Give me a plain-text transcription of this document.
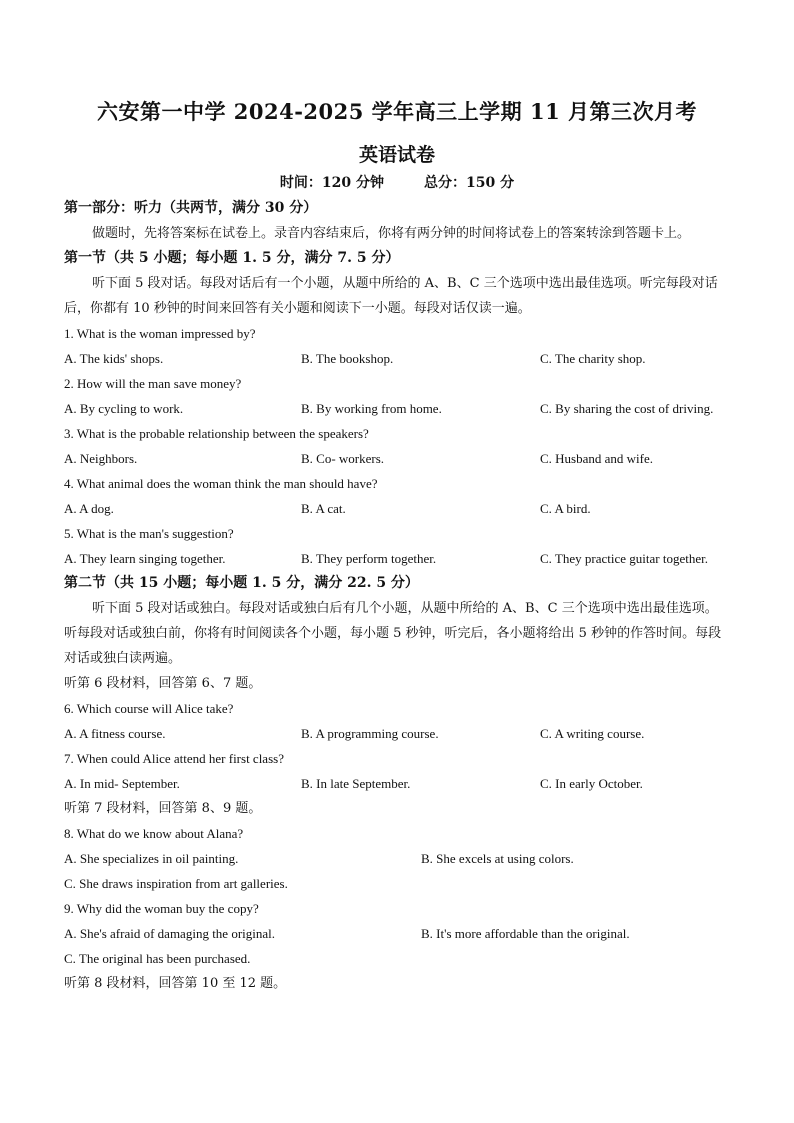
六安第一中学 2024-2025 学年高三上学期 11 月第三次月考
英语试卷
时间：120 分钟	总分：150 分
第一部分：听力（共两节，满分 30 分）
做题时，先将答案标在试卷上。录音内容结束后，你将有两分钟的时间将试卷上的答案转涂到答题卡上。
第一节（共 5 小题；每小题 1. 5 分，满分 7. 5 分）
听下面 5 段对话。每段对话后有一个小题，从题中所给的 A、B、C 三个选项中选出最佳选项。听完每段对话后，你都有 10 秒钟的时间来回答有关小题和阅读下一小题。每段对话仅读一遍。
1. What is the woman impressed by?
A. The kids' shops.	B. The bookshop.	C. The charity shop.
2. How will the man save money?
A. By cycling to work.	B. By working from home.	C. By sharing the cost of driving.
3. What is the probable relationship between the speakers?
A. Neighbors.	B. Co- workers.	C. Husband and wife.
4. What animal does the woman think the man should have?
A. A dog.	B. A cat.	C. A bird.
5. What is the man's suggestion?
A. They learn singing together.	B. They perform together.	C. They practice guitar together.
第二节（共 15 小题；每小题 1. 5 分，满分 22. 5 分）
听下面 5 段对话或独白。每段对话或独白后有几个小题，从题中所给的 A、B、C 三个选项中选出最佳选项。听每段对话或独白前，你将有时间阅读各个小题，每小题 5 秒钟，听完后，各小题将给出 5 秒钟的作答时间。每段对话或独白读两遍。
听第 6 段材料，回答第 6、7 题。
6. Which course will Alice take?
A. A fitness course.	B. A programming course.	C. A writing course.
7. When could Alice attend her first class?
A. In mid- September.	B. In late September.	C. In early October.
听第 7 段材料，回答第 8、9 题。
8. What do we know about Alana?
A. She specializes in oil painting.	B. She excels at using colors.
C. She draws inspiration from art galleries.
9. Why did the woman buy the copy?
A. She's afraid of damaging the original.	B. It's more affordable than the original.
C. The original has been purchased.
听第 8 段材料，回答第 10 至 12 题。
